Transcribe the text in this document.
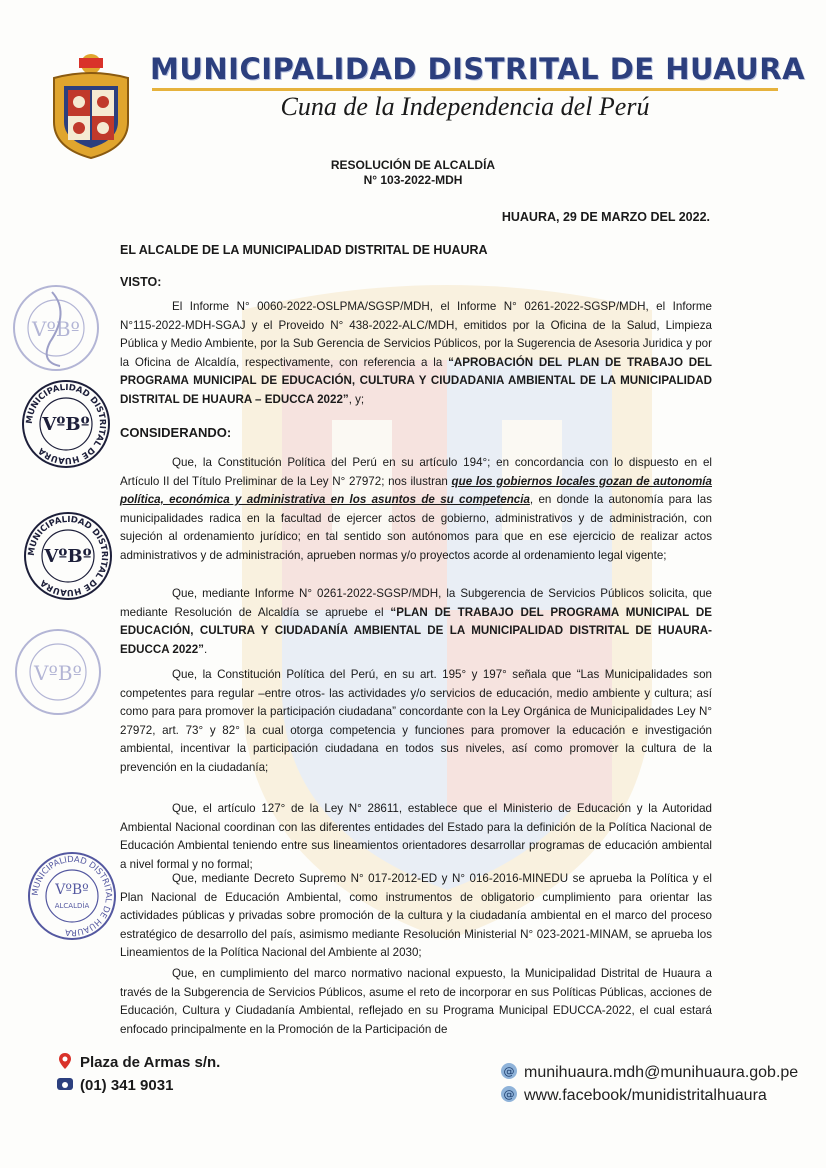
MUNICIPALIDAD DISTRITAL DE HUAURA
Cuna de la Independencia del Perú
RESOLUCIÓN DE ALCALDÍA
N° 103-2022-MDH
HUAURA, 29 DE MARZO DEL 2022.
EL ALCALDE DE LA MUNICIPALIDAD DISTRITAL DE HUAURA
VISTO:

El Informe N° 0060-2022-OSLPMA/SGSP/MDH, el Informe N° 0261-2022-SGSP/MDH, el Informe N°115-2022-MDH-SGAJ y el Proveido N° 438-2022-ALC/MDH, emitidos por la Oficina de la Salud, Limpieza Pública y Medio Ambiente, por la Sub Gerencia de Servicios Públicos, por la Sugerencia de Asesoria Juridica y por la Oficina de Alcaldía, respectivamente, con referencia a la “APROBACIÓN DEL PLAN DE TRABAJO DEL PROGRAMA MUNICIPAL DE EDUCACIÓN, CULTURA Y CIUDADANIA AMBIENTAL DE LA MUNICIPALIDAD DISTRITAL DE HUAURA – EDUCCA 2022”, y;

CONSIDERANDO:

Que, la Constitución Política del Perú en su artículo 194°; en concordancia con lo dispuesto en el Artículo II del Título Preliminar de la Ley N° 27972; nos ilustran que los gobiernos locales gozan de autonomía política, económica y administrativa en los asuntos de su competencia, en donde la autonomía para las municipalidades radica en la facultad de ejercer actos de gobierno, administrativos y de administración, con sujeción al ordenamiento jurídico; en tal sentido son autónomos para que en ese ejercicio de realizar actos administrativos y de administración, aprueben normas y/o proyectos acorde al ordenamiento legal vigente;

Que, mediante Informe N° 0261-2022-SGSP/MDH, la Subgerencia de Servicios Públicos solicita, que mediante Resolución de Alcaldía se apruebe el “PLAN DE TRABAJO DEL PROGRAMA MUNICIPAL DE EDUCACIÓN, CULTURA Y CIUDADANÍA AMBIENTAL DE LA MUNICIPALIDAD DISTRITAL DE HUAURA-EDUCCA 2022”.

Que, la Constitución Política del Perú, en su art. 195° y 197° señala que “Las Municipalidades son competentes para regular –entre otros- las actividades y/o servicios de educación, medio ambiente y cultura; así como para para promover la participación ciudadana” concordante con la Ley Orgánica de Municipalidades Ley N° 27972, art. 73° y 82° la cual otorga competencia y funciones para promover la educación e investigación ambiental, incentivar la participación ciudadana en todos sus niveles, así como promover la cultura de la prevención en la ciudadanía;

Que, el artículo 127° de la Ley N° 28611, establece que el Ministerio de Educación y la Autoridad Ambiental Nacional coordinan con las diferentes entidades del Estado para la definición de la Política Nacional de Educación Ambiental teniendo entre sus lineamientos orientadores desarrollar programas de educación ambiental a nivel formal y no formal;

Que, mediante Decreto Supremo N° 017-2012-ED y N° 016-2016-MINEDU se aprueba la Política y el Plan Nacional de Educación Ambiental, como instrumentos de obligatorio cumplimiento para orientar las actividades públicas y privadas sobre promoción de la cultura y la ciudadanía ambiental en el marco del proceso estratégico de desarrollo del país, asimismo mediante Resolución Ministerial N° 023-2021-MINAM, se aprueba los Lineamientos de la Política Nacional del Ambiente al 2030;

Que, en cumplimiento del marco normativo nacional expuesto, la Municipalidad Distrital de Huaura a través de la Subgerencia de Servicios Públicos, asume el reto de incorporar en sus Políticas Públicas, acciones de Educación, Cultura y Ciudadanía Ambiental, reflejado en su Programa Municipal EDUCCA-2022, el cual estará enfocado principalmente en la Promoción de la Participación de

VºBº
MUNICIPALIDAD DISTRITAL DE HUAURA
VºBº
MUNICIPALIDAD DISTRITAL DE HUAURA
VºBº
VºBº
MUNICIPALIDAD DISTRITAL DE HUAURA
VºBº
ALCALDÍA
Plaza de Armas s/n.
(01) 341 9031
@ munihuaura.mdh@munihuaura.gob.pe
@ www.facebook/munidistritalhuaura
